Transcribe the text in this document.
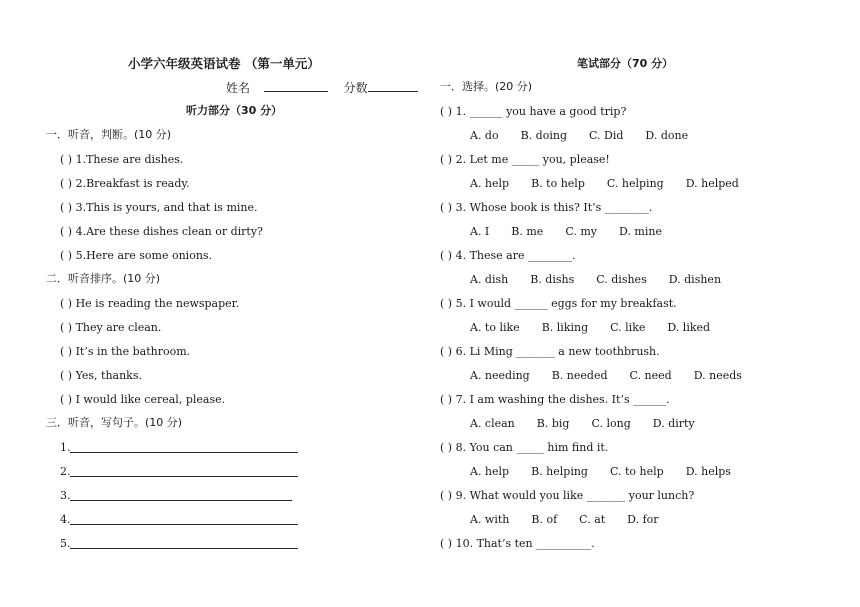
小学六年级英语试卷 （第一单元）
姓名	分数
听力部分（30 分）
一．听音，判断。(10 分)
( ) 1.These are dishes.
( ) 2.Breakfast is ready.
( ) 3.This is yours, and that is mine.
( ) 4.Are these dishes clean or dirty?
( ) 5.Here are some onions.
二．听音排序。(10 分)
( ) He is reading the newspaper.
( ) They are clean.
( ) It’s in the bathroom.
( ) Yes, thanks.
( ) I would like cereal, please.
三．听音，写句子。(10 分)
1.
2.
3.
4.
5.
笔试部分（70 分）
一．选择。(20 分)
( ) 1. ______ you have a good trip?
A. do B. doing C. Did D. done
( ) 2. Let me _____ you, please!
A. help B. to help C. helping D. helped
( ) 3. Whose book is this? It’s ________.
A. I B. me C. my D. mine
( ) 4. These are ________.
A. dish B. dishs C. dishes D. dishen
( ) 5. I would ______ eggs for my breakfast.
A. to like B. liking C. like D. liked
( ) 6. Li Ming _______ a new toothbrush.
A. needing B. needed C. need D. needs
( ) 7. I am washing the dishes. It’s ______.
A. clean B. big C. long D. dirty
( ) 8. You can _____ him find it.
A. help B. helping C. to help D. helps
( ) 9. What would you like _______ your lunch?
A. with B. of C. at D. for
( ) 10. That’s ten __________.
